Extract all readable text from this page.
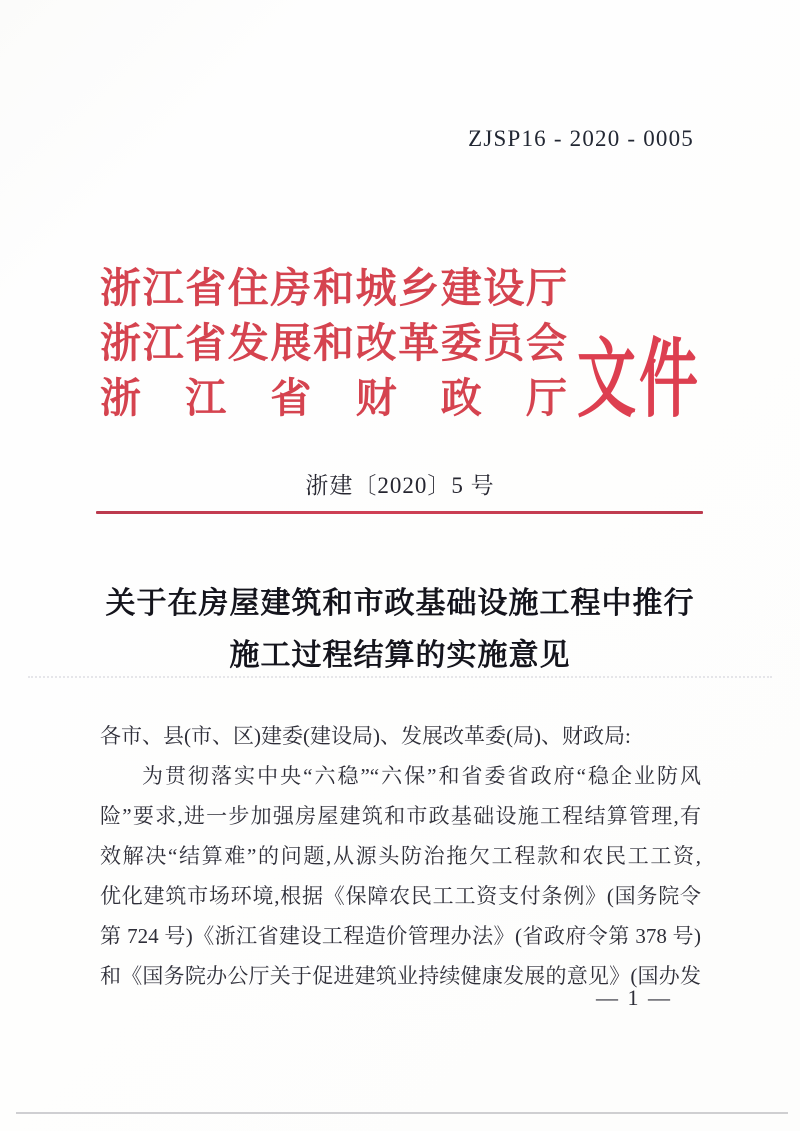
ZJSP16 - 2020 - 0005
浙江省住房和城乡建设厅
浙江省发展和改革委员会
浙江省财政厅 文件
浙建〔2020〕5 号
关于在房屋建筑和市政基础设施工程中推行
施工过程结算的实施意见
各市、县(市、区)建委(建设局)、发展改革委(局)、财政局:
为贯彻落实中央“六稳”“六保”和省委省政府“稳企业防风
险”要求,进一步加强房屋建筑和市政基础设施工程结算管理,有
效解决“结算难”的问题,从源头防治拖欠工程款和农民工工资,
优化建筑市场环境,根据《保障农民工工资支付条例》(国务院令
第 724 号)《浙江省建设工程造价管理办法》(省政府令第 378 号)
和《国务院办公厅关于促进建筑业持续健康发展的意见》(国办发
— 1 —
